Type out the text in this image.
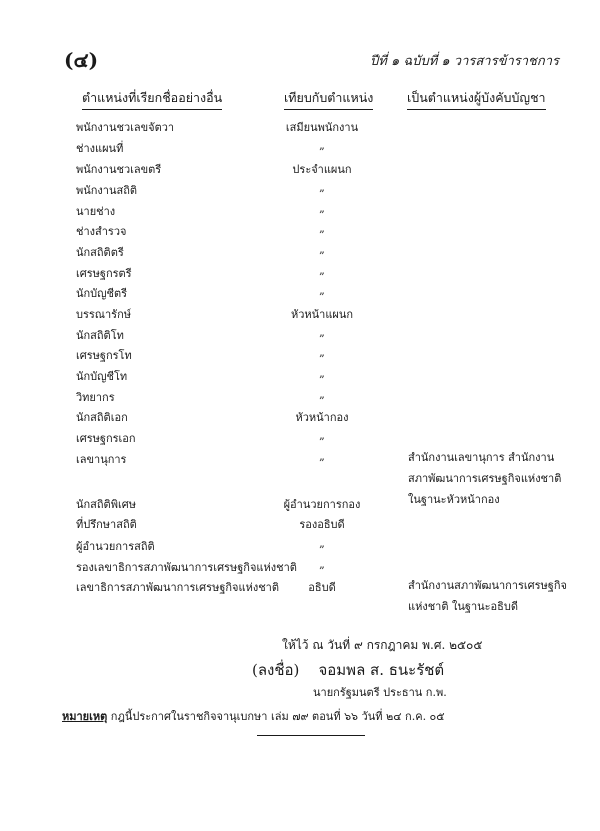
(๔)	ปีที่ ๑ ฉบับที่ ๑ วารสารข้าราชการ
ตำแหน่งที่เรียกชื่ออย่างอื่น	เทียบกับตำแหน่ง	เป็นตำแหน่งผู้บังคับบัญชา
พนักงานชวเลขจัตวา	เสมียนพนักงาน
ช่างแผนที่	„
พนักงานชวเลขตรี	ประจำแผนก
พนักงานสถิติ	„
นายช่าง	„
ช่างสำรวจ	„
นักสถิติตรี	„
เศรษฐกรตรี	„
นักบัญชีตรี	„
บรรณารักษ์	หัวหน้าแผนก
นักสถิติโท	„
เศรษฐกรโท	„
นักบัญชีโท	„
วิทยากร	„
นักสถิติเอก	หัวหน้ากอง
เศรษฐกรเอก	„
เลขานุการ	„	สำนักงานเลขานุการ สำนักงานสภาพัฒนาการเศรษฐกิจแห่งชาติ ในฐานะหัวหน้ากอง
นักสถิติพิเศษ	ผู้อำนวยการกอง
ที่ปรึกษาสถิติ	รองอธิบดี
ผู้อำนวยการสถิติ	„
รองเลขาธิการสภาพัฒนาการเศรษฐกิจแห่งชาติ	„
เลขาธิการสภาพัฒนาการเศรษฐกิจแห่งชาติ	อธิบดี	สำนักงานสภาพัฒนาการเศรษฐกิจแห่งชาติ ในฐานะอธิบดี
ให้ไว้ ณ วันที่ ๙ กรกฎาคม พ.ศ. ๒๕๐๕
(ลงชื่อ) จอมพล ส. ธนะรัชต์
นายกรัฐมนตรี ประธาน ก.พ.
หมายเหตุ กฎนี้ประกาศในราชกิจจานุเบกษา เล่ม ๗๙ ตอนที่ ๖๖ วันที่ ๒๔ ก.ค. ๐๕
